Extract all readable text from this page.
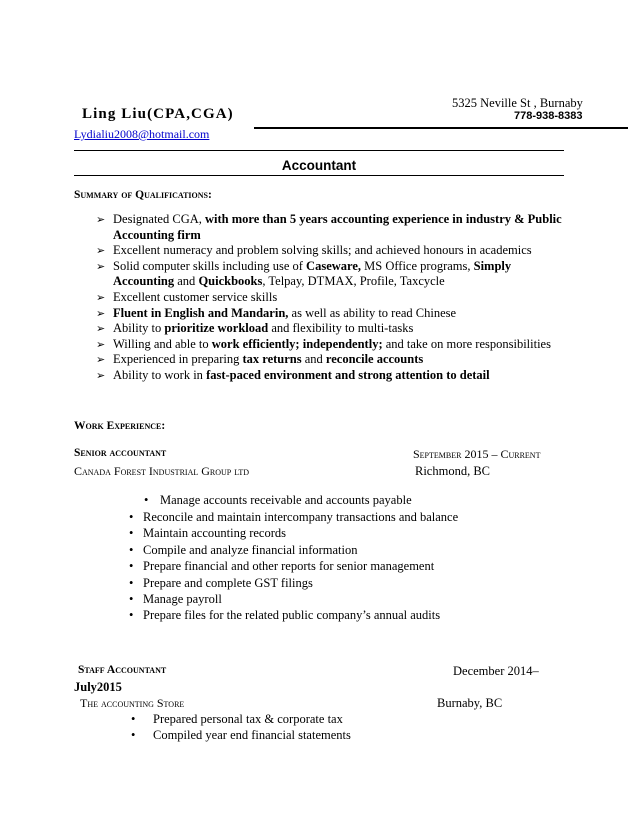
5325 Neville St , Burnaby
Ling Liu(CPA,CGA)	778-938-8383
Lydialiu2008@hotmail.com
Accountant
Summary of Qualifications:
➢ Designated CGA, with more than 5 years accounting experience in industry & Public Accounting firm
➢ Excellent numeracy and problem solving skills; and achieved honours in academics
➢ Solid computer skills including use of Caseware, MS Office programs, Simply Accounting and Quickbooks, Telpay, DTMAX, Profile, Taxcycle
➢ Excellent customer service skills
➢ Fluent in English and Mandarin, as well as ability to read Chinese
➢ Ability to prioritize workload and flexibility to multi-tasks
➢ Willing and able to work efficiently; independently; and take on more responsibilities
➢ Experienced in preparing tax returns and reconcile accounts
➢ Ability to work in fast-paced environment and strong attention to detail
Work Experience:
Senior accountant	September 2015 – Current
Canada Forest Industrial Group ltd	Richmond, BC
• Manage accounts receivable and accounts payable
• Reconcile and maintain intercompany transactions and balance
• Maintain accounting records
• Compile and analyze financial information
• Prepare financial and other reports for senior management
• Prepare and complete GST filings
• Manage payroll
• Prepare files for the related public company’s annual audits
Staff Accountant	December 2014–
July2015
The accounting Store	Burnaby, BC
• Prepared personal tax & corporate tax
• Compiled year end financial statements
